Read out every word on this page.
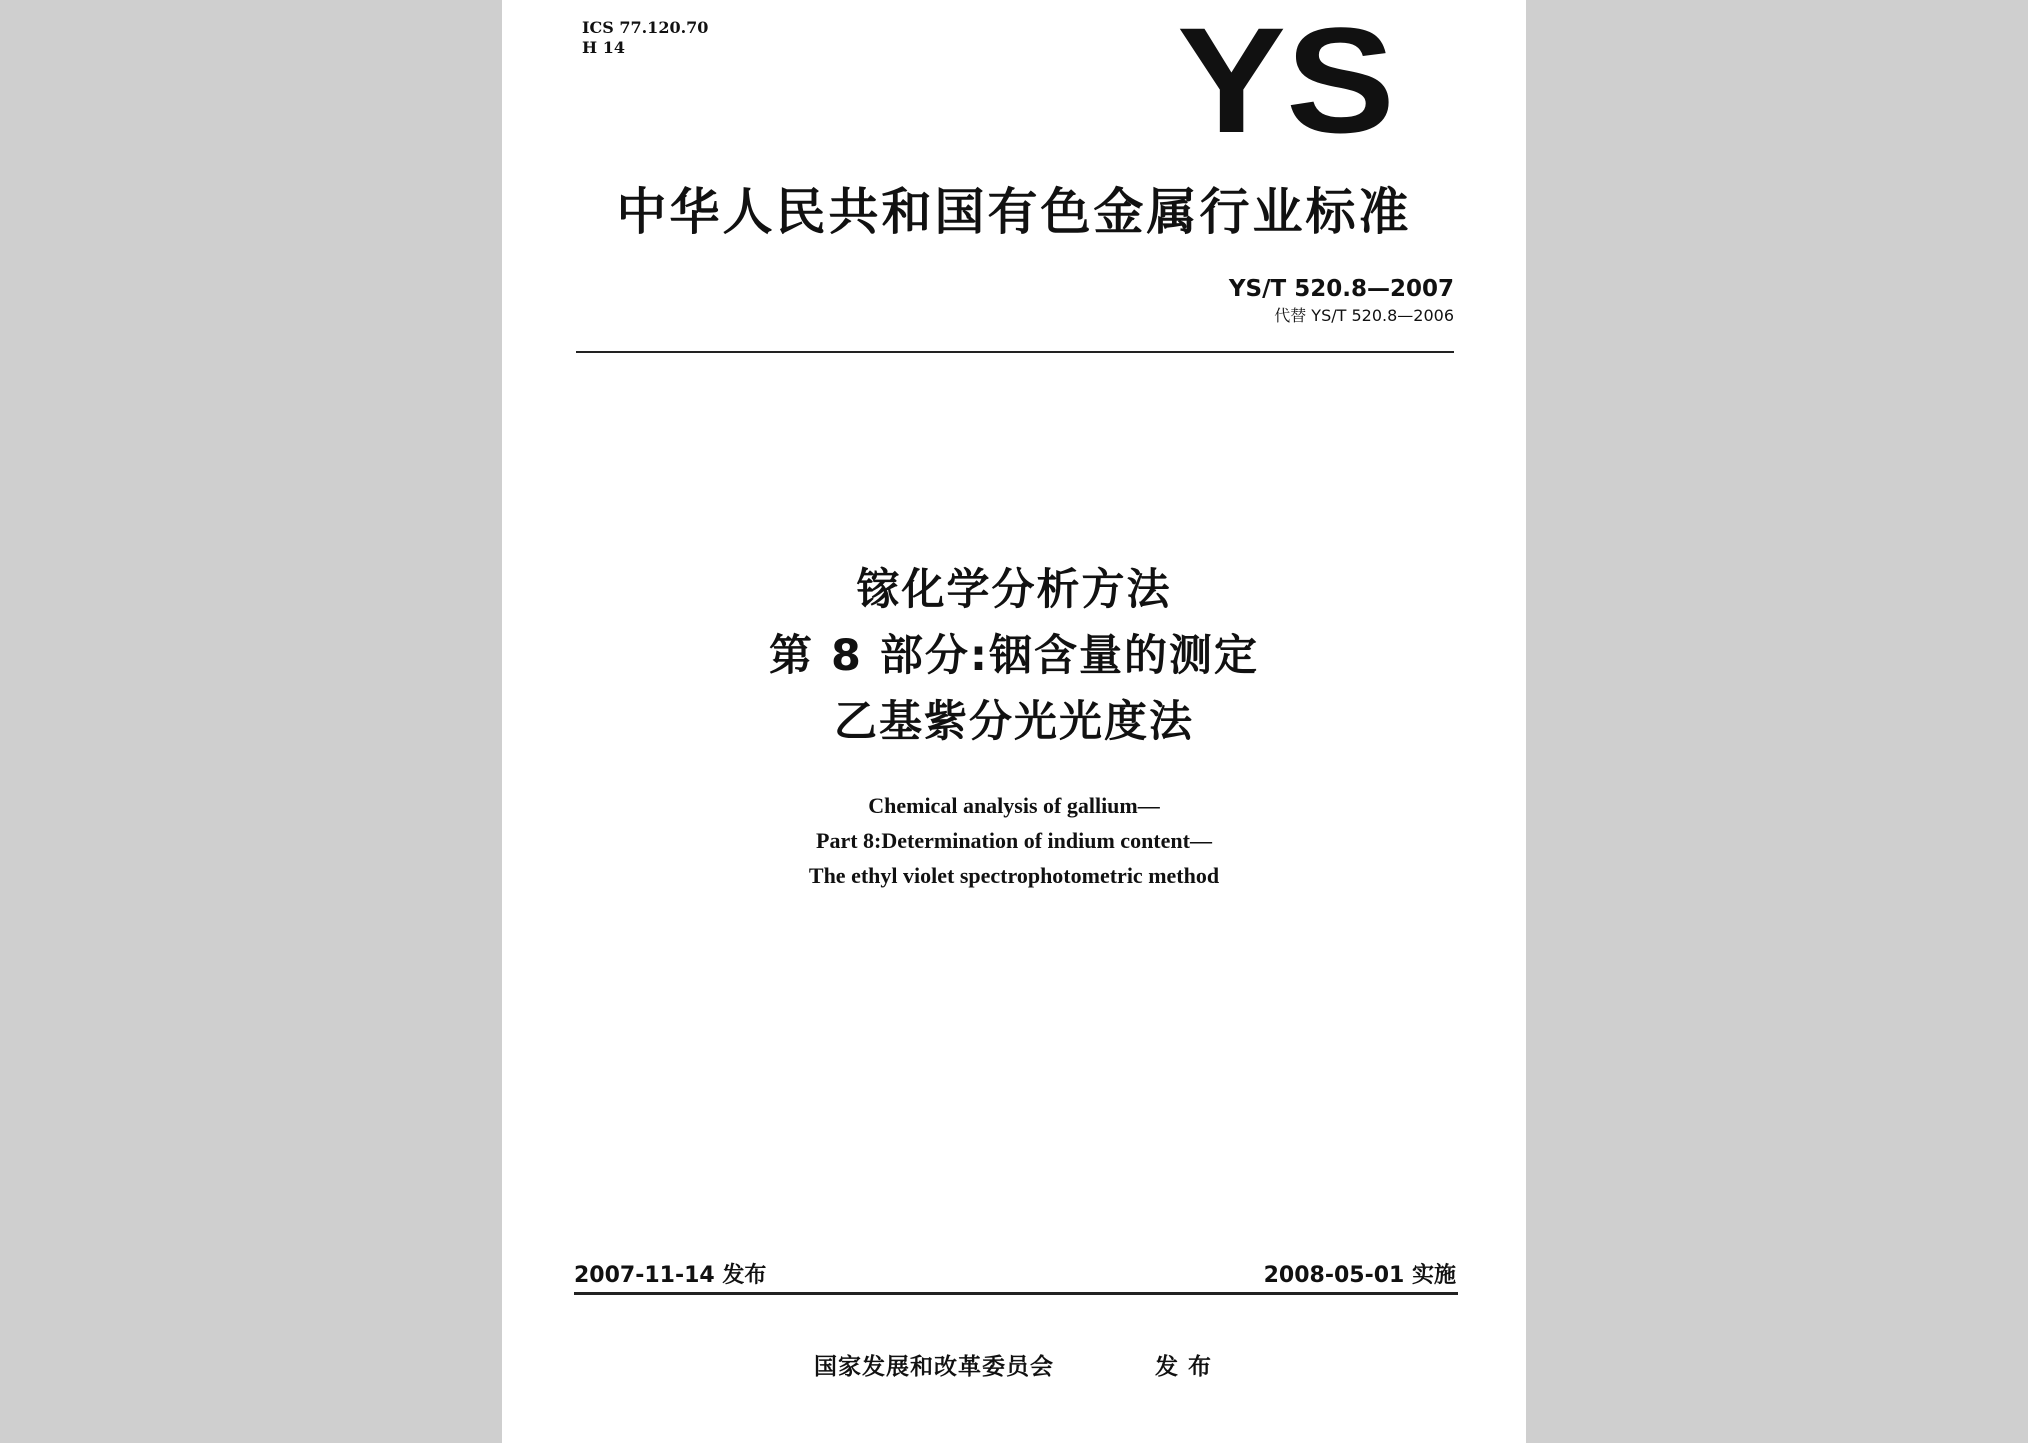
ICS 77.120.70
H 14	YS
中华人民共和国有色金属行业标准
YS/T 520.8—2007
代替 YS/T 520.8—2006
镓化学分析方法
第 8 部分:铟含量的测定
乙基紫分光光度法
Chemical analysis of gallium—
Part 8:Determination of indium content—
The ethyl violet spectrophotometric method
2007-11-14 发布	2008-05-01 实施
国家发展和改革委员会	发 布
